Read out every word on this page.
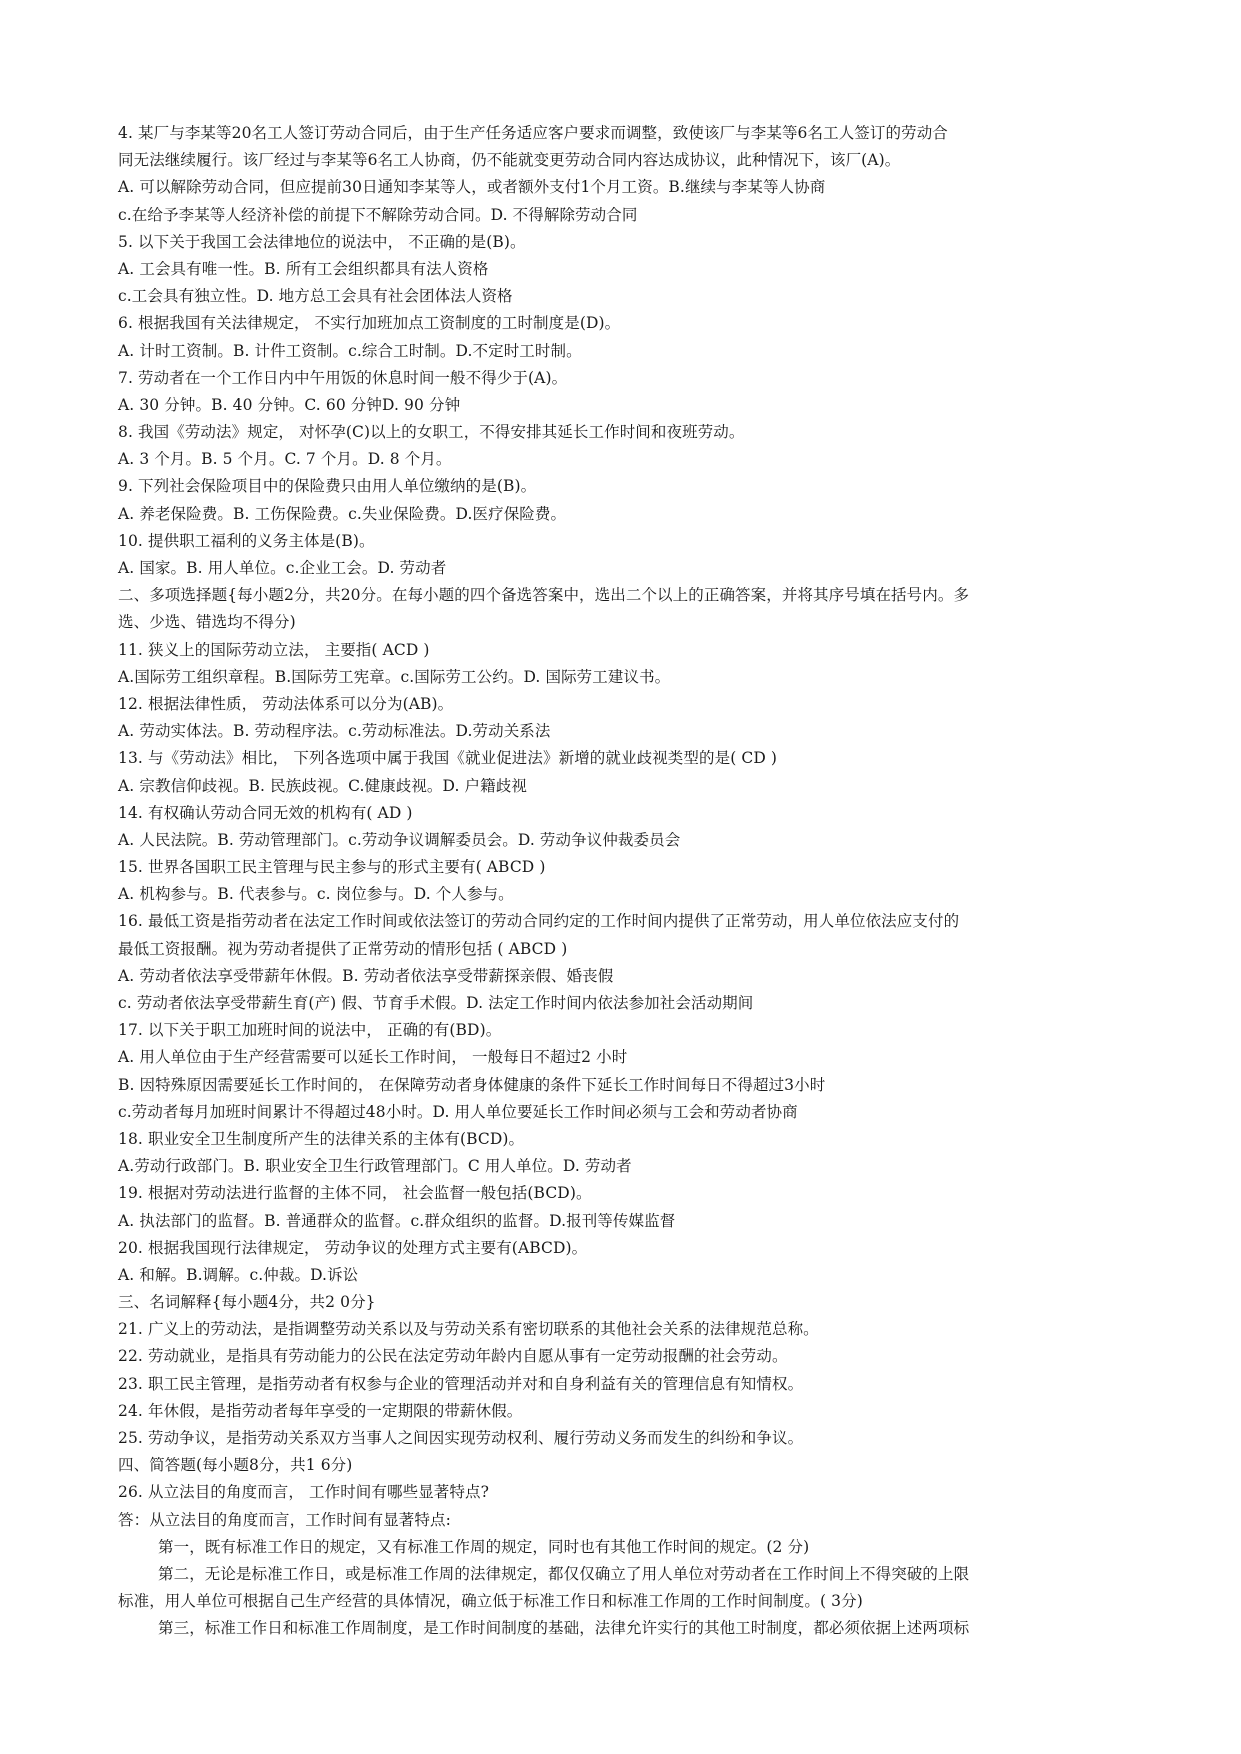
4. 某厂与李某等20名工人签订劳动合同后，由于生产任务适应客户要求而调整，致使该厂与李某等6名工人签订的劳动合
同无法继续履行。该厂经过与李某等6名工人协商，仍不能就变更劳动合同内容达成协议，此种情况下，该厂(A)。
A. 可以解除劳动合同，但应提前30日通知李某等人，或者额外支付1个月工资。B.继续与李某等人协商
c.在给予李某等人经济补偿的前提下不解除劳动合同。D. 不得解除劳动合同
5. 以下关于我国工会法律地位的说法中， 不正确的是(B)。
A. 工会具有唯一性。B. 所有工会组织都具有法人资格
c.工会具有独立性。D. 地方总工会具有社会团体法人资格
6. 根据我国有关法律规定， 不实行加班加点工资制度的工时制度是(D)。
A. 计时工资制。B. 计件工资制。c.综合工时制。D.不定时工时制。
7. 劳动者在一个工作日内中午用饭的休息时间一般不得少于(A)。
A. 30 分钟。B. 40 分钟。C. 60 分钟D. 90 分钟
8. 我国《劳动法》规定， 对怀孕(C)以上的女职工，不得安排其延长工作时间和夜班劳动。
A. 3 个月。B. 5 个月。C. 7 个月。D. 8 个月。
9. 下列社会保险项目中的保险费只由用人单位缴纳的是(B)。
A. 养老保险费。B. 工伤保险费。c.失业保险费。D.医疗保险费。
10. 提供职工福利的义务主体是(B)。
A. 国家。B. 用人单位。c.企业工会。D. 劳动者
二、多项选择题{每小题2分，共20分。在每小题的四个备选答案中，选出二个以上的正确答案，并将其序号填在括号内。多
选、少选、错选均不得分)
11. 狭义上的国际劳动立法， 主要指( ACD )
A.国际劳工组织章程。B.国际劳工宪章。c.国际劳工公约。D. 国际劳工建议书。
12. 根据法律性质， 劳动法体系可以分为(AB)。
A. 劳动实体法。B. 劳动程序法。c.劳动标准法。D.劳动关系法
13. 与《劳动法》相比， 下列各选项中属于我国《就业促进法》新增的就业歧视类型的是( CD )
A. 宗教信仰歧视。B. 民族歧视。C.健康歧视。D. 户籍歧视
14. 有权确认劳动合同无效的机构有( AD )
A. 人民法院。B. 劳动管理部门。c.劳动争议调解委员会。D. 劳动争议仲裁委员会
15. 世界各国职工民主管理与民主参与的形式主要有( ABCD )
A. 机构参与。B. 代表参与。c. 岗位参与。D. 个人参与。
16. 最低工资是指劳动者在法定工作时间或依法签订的劳动合同约定的工作时间内提供了正常劳动，用人单位依法应支付的
最低工资报酬。视为劳动者提供了正常劳动的情形包括 ( ABCD )
A. 劳动者依法享受带薪年休假。B. 劳动者依法享受带薪探亲假、婚丧假
c. 劳动者依法享受带薪生育(产) 假、节育手术假。D. 法定工作时间内依法参加社会活动期间
17. 以下关于职工加班时间的说法中， 正确的有(BD)。
A. 用人单位由于生产经营需要可以延长工作时间， 一般每日不超过2 小时
B. 因特殊原因需要延长工作时间的， 在保障劳动者身体健康的条件下延长工作时间每日不得超过3小时
c.劳动者每月加班时间累计不得超过48小时。D. 用人单位要延长工作时间必须与工会和劳动者协商
18. 职业安全卫生制度所产生的法律关系的主体有(BCD)。
A.劳动行政部门。B. 职业安全卫生行政管理部门。C 用人单位。D. 劳动者
19. 根据对劳动法进行监督的主体不同， 社会监督一般包括(BCD)。
A. 执法部门的监督。B. 普通群众的监督。c.群众组织的监督。D.报刊等传媒监督
20. 根据我国现行法律规定， 劳动争议的处理方式主要有(ABCD)。
A. 和解。B.调解。c.仲裁。D.诉讼
三、名词解释{每小题4分，共2 0分}
21. 广义上的劳动法，是指调整劳动关系以及与劳动关系有密切联系的其他社会关系的法律规范总称。
22. 劳动就业，是指具有劳动能力的公民在法定劳动年龄内自愿从事有一定劳动报酬的社会劳动。
23. 职工民主管理，是指劳动者有权参与企业的管理活动并对和自身利益有关的管理信息有知情权。
24. 年休假，是指劳动者每年享受的一定期限的带薪休假。
25. 劳动争议，是指劳动关系双方当事人之间因实现劳动权利、履行劳动义务而发生的纠纷和争议。
四、简答题(每小题8分，共1 6分)
26. 从立法目的角度而言， 工作时间有哪些显著特点?
答：从立法目的角度而言，工作时间有显著特点:
第一，既有标准工作日的规定，又有标准工作周的规定，同时也有其他工作时间的规定。(2 分)
第二，无论是标准工作日，或是标准工作周的法律规定，都仅仅确立了用人单位对劳动者在工作时间上不得突破的上限
标准，用人单位可根据自己生产经营的具体情况，确立低于标准工作日和标准工作周的工作时间制度。( 3分)
第三，标准工作日和标准工作周制度，是工作时间制度的基础，法律允许实行的其他工时制度，都必须依据上述两项标
